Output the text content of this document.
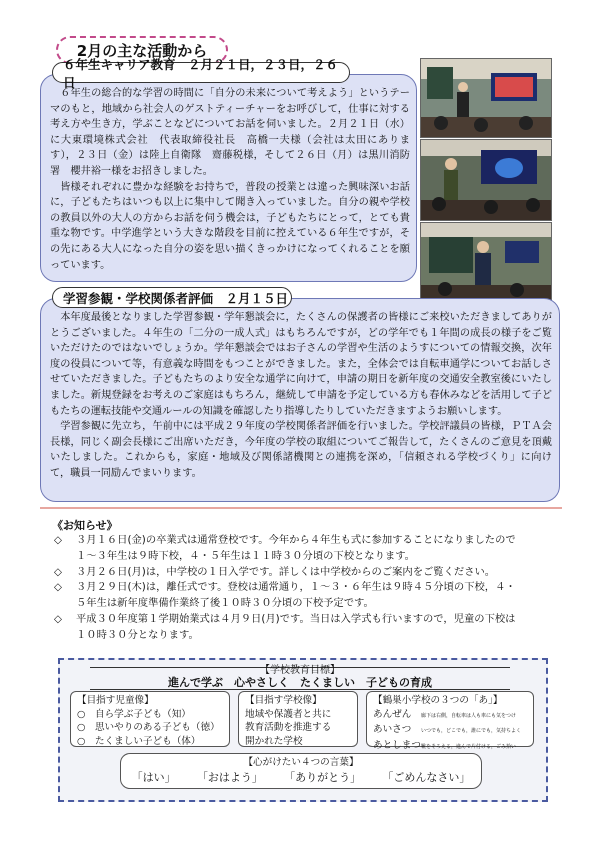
2月の主な活動から
６年生キャリア教育　２月２１日，２３日，２６日

６年生の総合的な学習の時間に「自分の未来について考えよう」というテーマのもと，地域から社会人のゲストティーチャーをお呼びして，仕事に対する考え方や生き方，学ぶことなどについてお話を伺いました。２月２１日（水）に大東環境株式会社　代表取締役社長　高橋一夫様（会社は太田にあります），２３日（金）は陸上自衛隊　齋藤税様，そして２６日（月）は黒川消防署　櫻井裕一様をお招きしました。

皆様それぞれに豊かな経験をお持ちで，普段の授業とは違った興味深いお話に，子どもたちはいつも以上に集中して聞き入っていました。自分の親や学校の教員以外の大人の方からお話を伺う機会は，子どもたちにとって，とても貴重な物です。中学進学という大きな階段を目前に控えている６年生ですが，その先にある大人になった自分の姿を思い描くきっかけになってくれることを願っています。

学習参観・学校関係者評価　２月１５日

本年度最後となりました学習参観・学年懇談会に，たくさんの保護者の皆様にご来校いただきましてありがとうございました。４年生の「二分の一成人式」はもちろんですが，どの学年でも１年間の成長の様子をご覧いただけたのではないでしょうか。学年懇談会ではお子さんの学習や生活のようすについての情報交換，次年度の役員について等，有意義な時間をもつことができました。また，全体会では自転車通学についてお話しさせていただきました。子どもたちのより安全な通学に向けて，申請の期日を新年度の交通安全教室後にいたしました。新規登録をお考えのご家庭はもちろん，継続して申請を予定している方も春休みなどを活用して子どもたちの運転技能や交通ルールの知識を確認したり指導したりしていただきますようお願いします。

学習参観に先立ち，午前中には平成２９年度の学校関係者評価を行いました。学校評議員の皆様，ＰＴＡ会長様，同じく副会長様にご出席いただき，今年度の学校の取組についてご報告して，たくさんのご意見を頂戴いたしました。これからも，家庭・地域及び関係諸機関との連携を深め，「信頼される学校づくり」に向けて，職員一同励んでまいります。

《お知らせ》
◇ ３月１６日(金)の卒業式は通常登校です。今年から４年生も式に参加することになりましたので
１～３年生は９時下校，４・５年生は１１時３０分頃の下校となります。
◇ ３月２６日(月)は，中学校の１日入学です。詳しくは中学校からのご案内をご覧ください。
◇ ３月２９日(木)は，離任式です。登校は通常通り，１～３・６年生は９時４５分頃の下校，４・
５年生は新年度準備作業終了後１０時３０分頃の下校予定です。
◇ 平成３０年度第１学期始業式は４月９日(月)です。当日は入学式も行いますので，児童の下校は
１０時３０分となります。
【学校教育目標】
進んで学ぶ　心やさしく　たくましい　子どもの育成
【目指す児童像】
○　自ら学ぶ子ども（知）
○　思いやりのある子ども（徳）
○　たくましい子ども（体）
【目指す学校像】
地域や保護者と共に
教育活動を推進する
開かれた学校
【鶴巣小学校の３つの「あ」】
あんぜん 廊下は右側，自転車は人も車にも気をつけ
あいさつ いつでも，どこでも，誰にでも，気持ちよく
あとしまつ靴をそろえる，進んで片付ける，ごみ拾い
【心がけたい４つの言葉】
「はい」 「おはよう」 「ありがとう」 「ごめんなさい」
